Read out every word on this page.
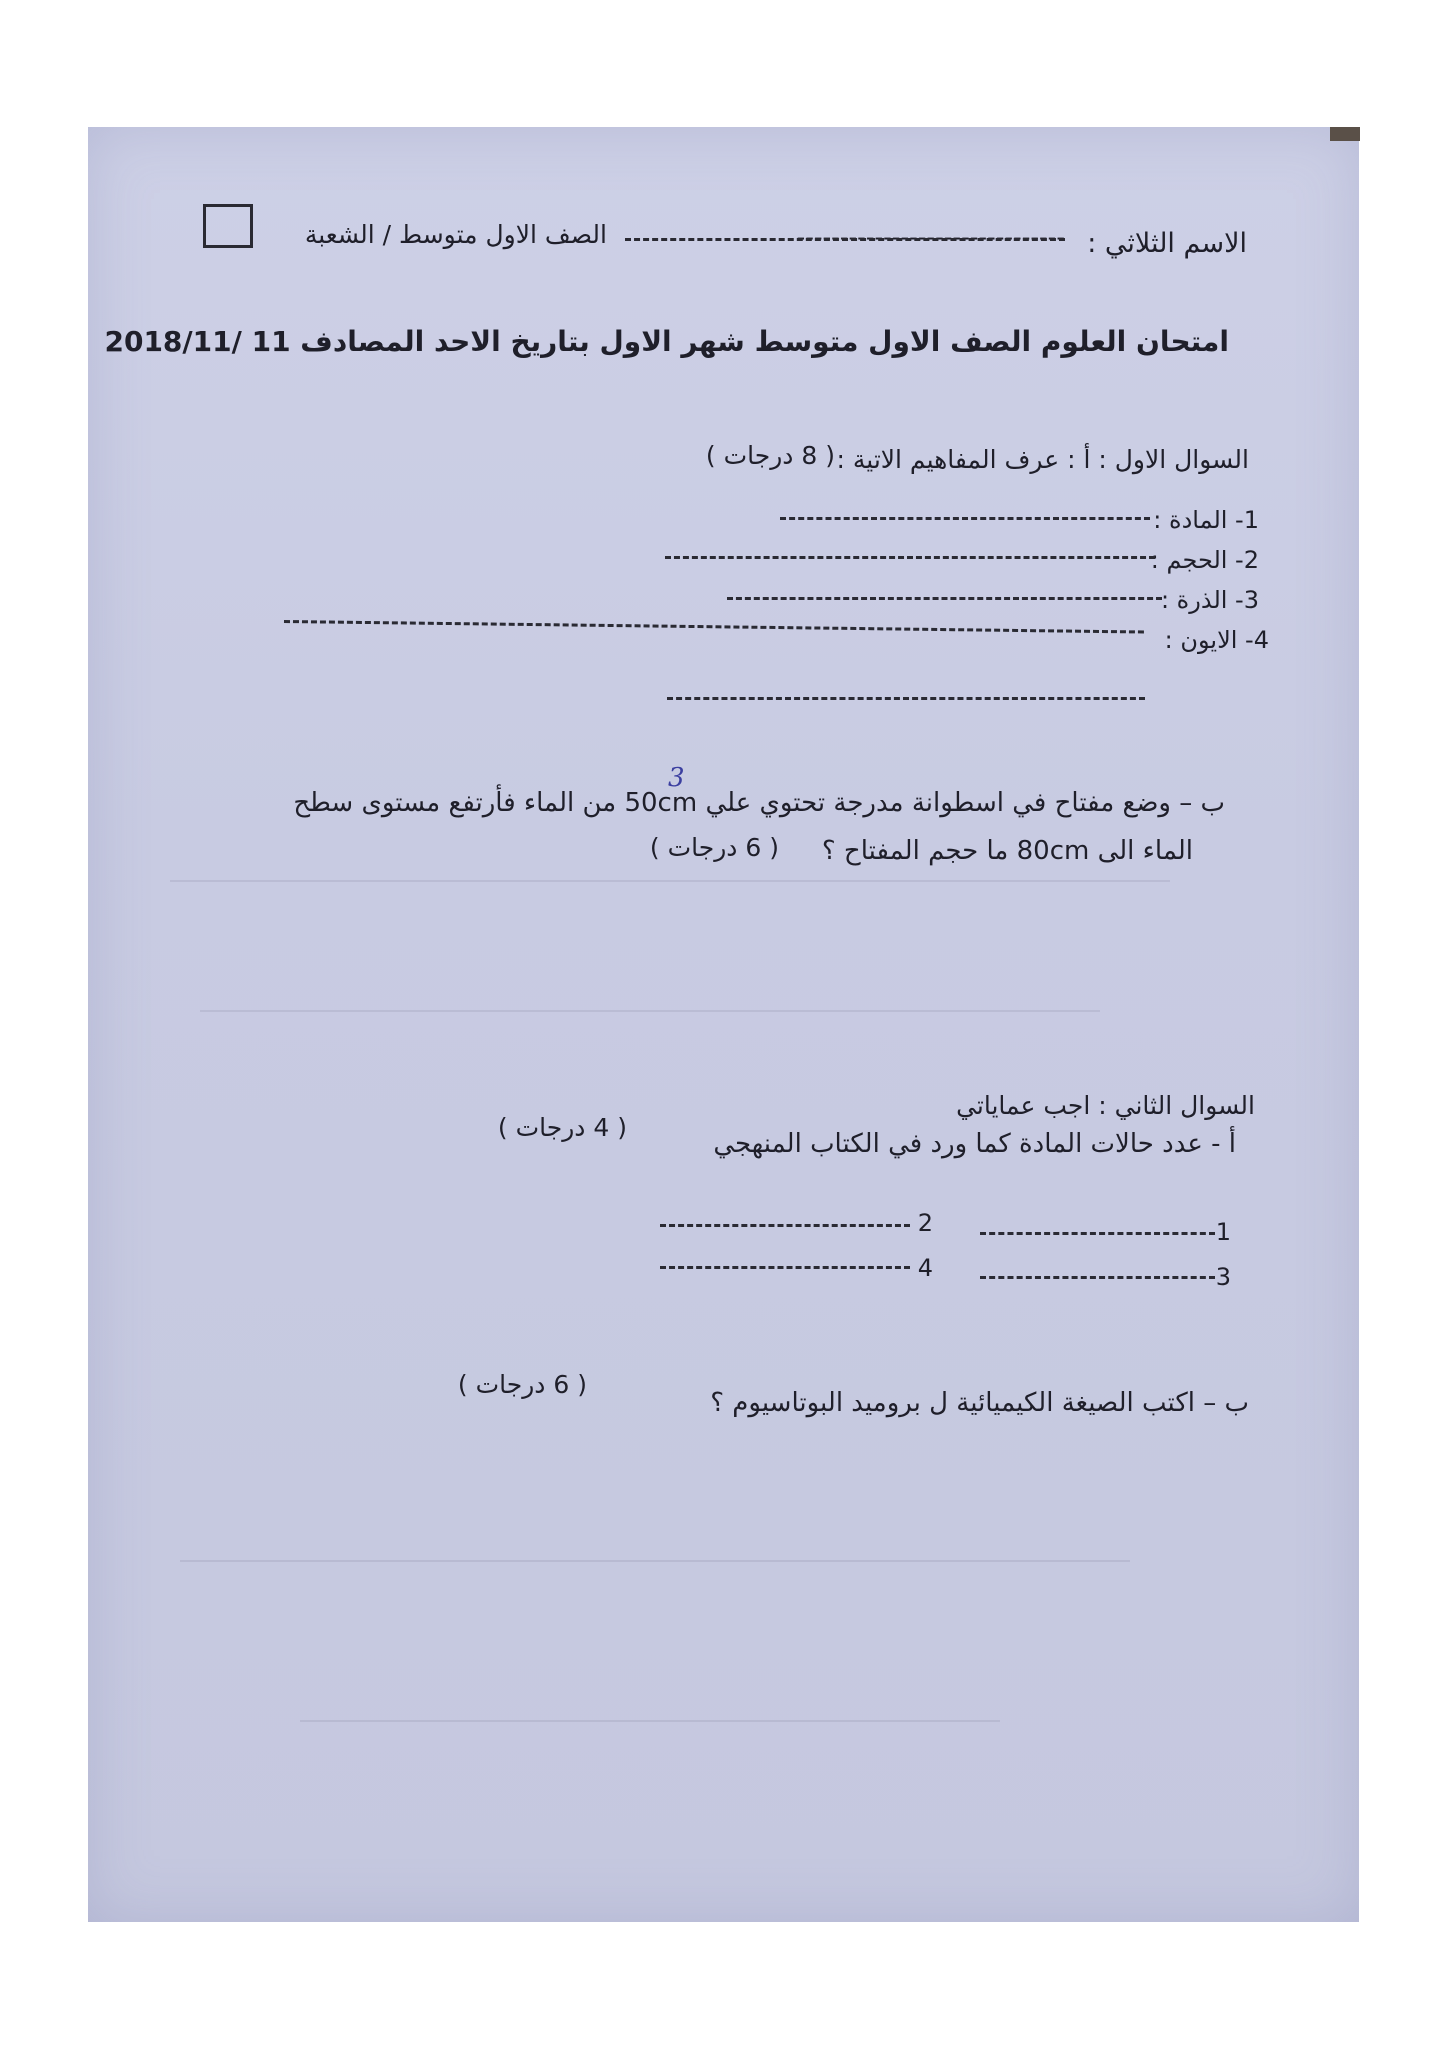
الصف الاول متوسط / الشعبة	------------------------------- الاسم الثلاثي :
امتحان العلوم الصف الاول متوسط شهر الاول بتاريخ الاحد المصادف 11 /2018/11
السوال الاول : أ : عرف المفاهيم الاتية :
( 8 درجات )
1- المادة :
2- الحجم :
3- الذرة :
4- الايون :
ب – وضع مفتاح في اسطوانة مدرجة تحتوي علي 50cm من الماء فأرتفع مستوى سطح
3
الماء الى 80cm ما حجم المفتاح ؟
( 6 درجات )
السوال الثاني : اجب عماياتي
أ - عدد حالات المادة كما ورد في الكتاب المنهجي
( 4 درجات )
1
2
3
4
ب – اكتب الصيغة الكيميائية ل بروميد البوتاسيوم ؟
( 6 درجات )
